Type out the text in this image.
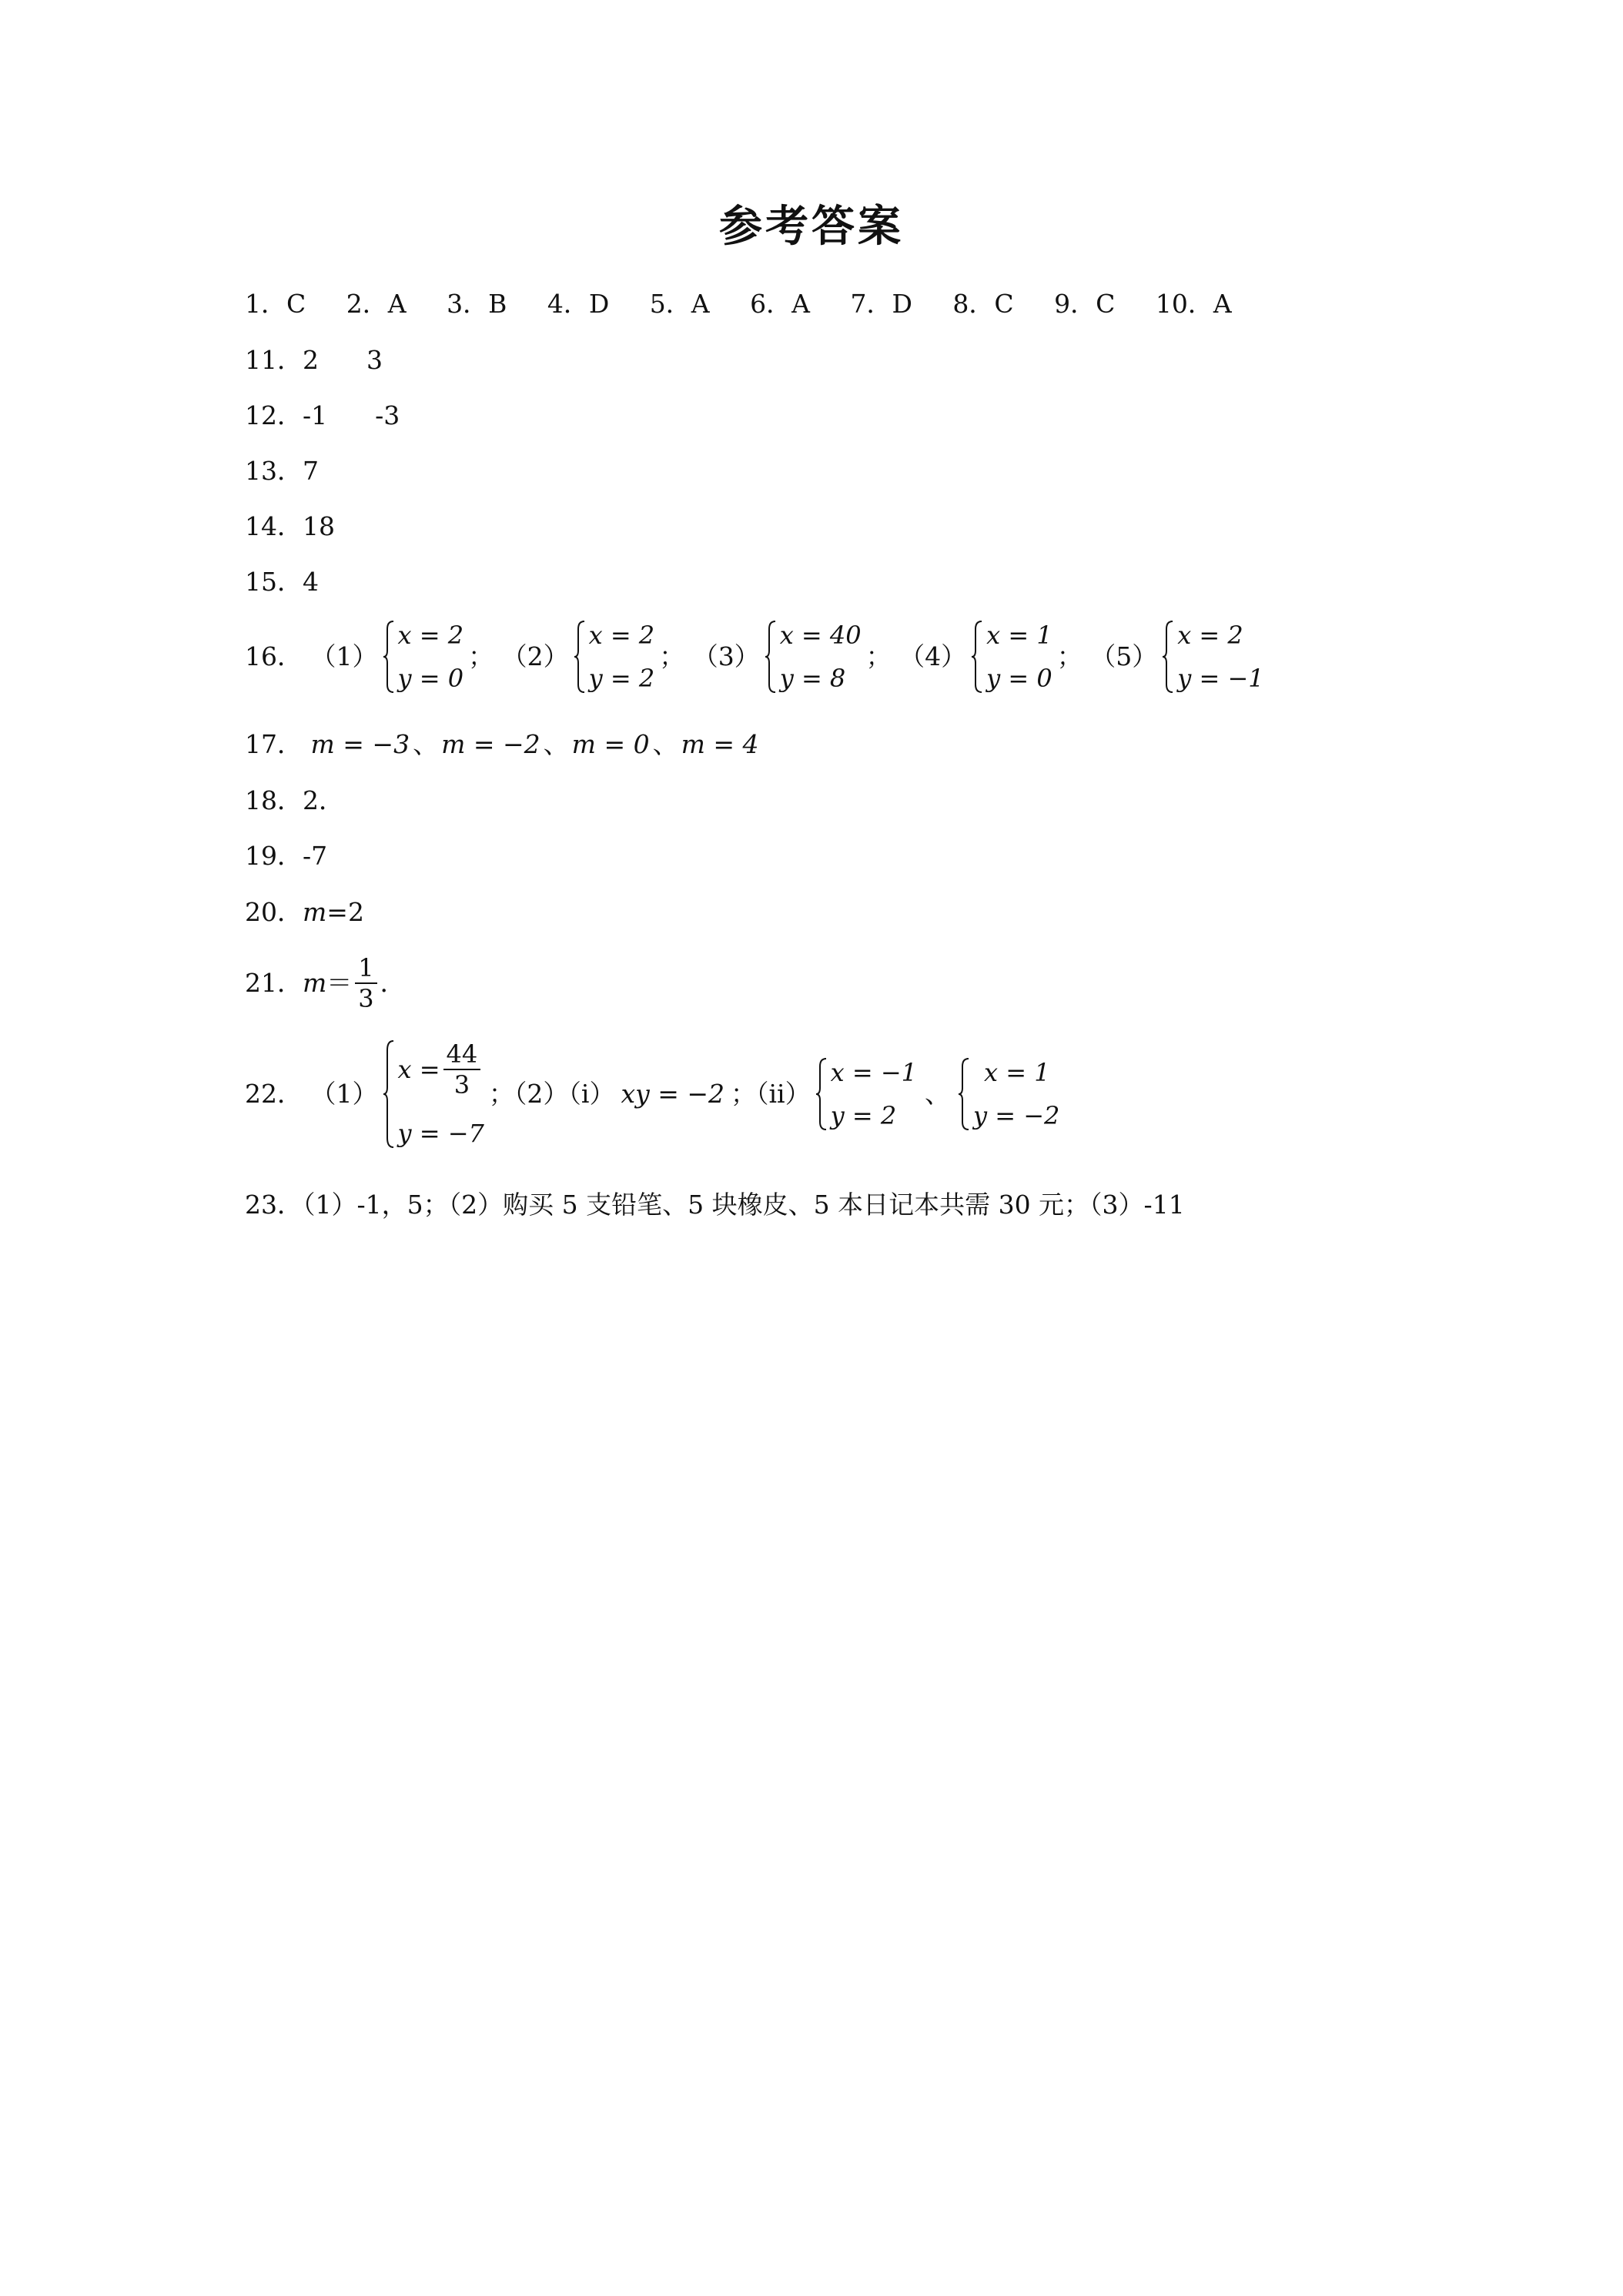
参考答案
1．C 2．A 3．B 4．D 5．A 6．A 7．D 8．C 9．C 10．A
11．2 3
12．-1 -3
13．7
14．18
15．4
16． （1）
x = 2
y = 0
； （2）
x = 2
y = 2
； （3）
x = 40
y = 8
； （4）
x = 1
y = 0
； （5）
x = 2
y = −1
17． m = −3 、 m = −2 、 m = 0 、 m = 4
18．2．
19．-7
20．m=2
21．$m= \frac{1}{3}$ ．
22． （1）
$x = \frac{44}{3}$
y = −7
；（2）（i） xy = −2 ；（ii）
x = −1
y = 2
、
x = 1
y = −2
23．（1）-1，5；（2）购买 5 支铅笔、5 块橡皮、5 本日记本共需 30 元；（3）-11
